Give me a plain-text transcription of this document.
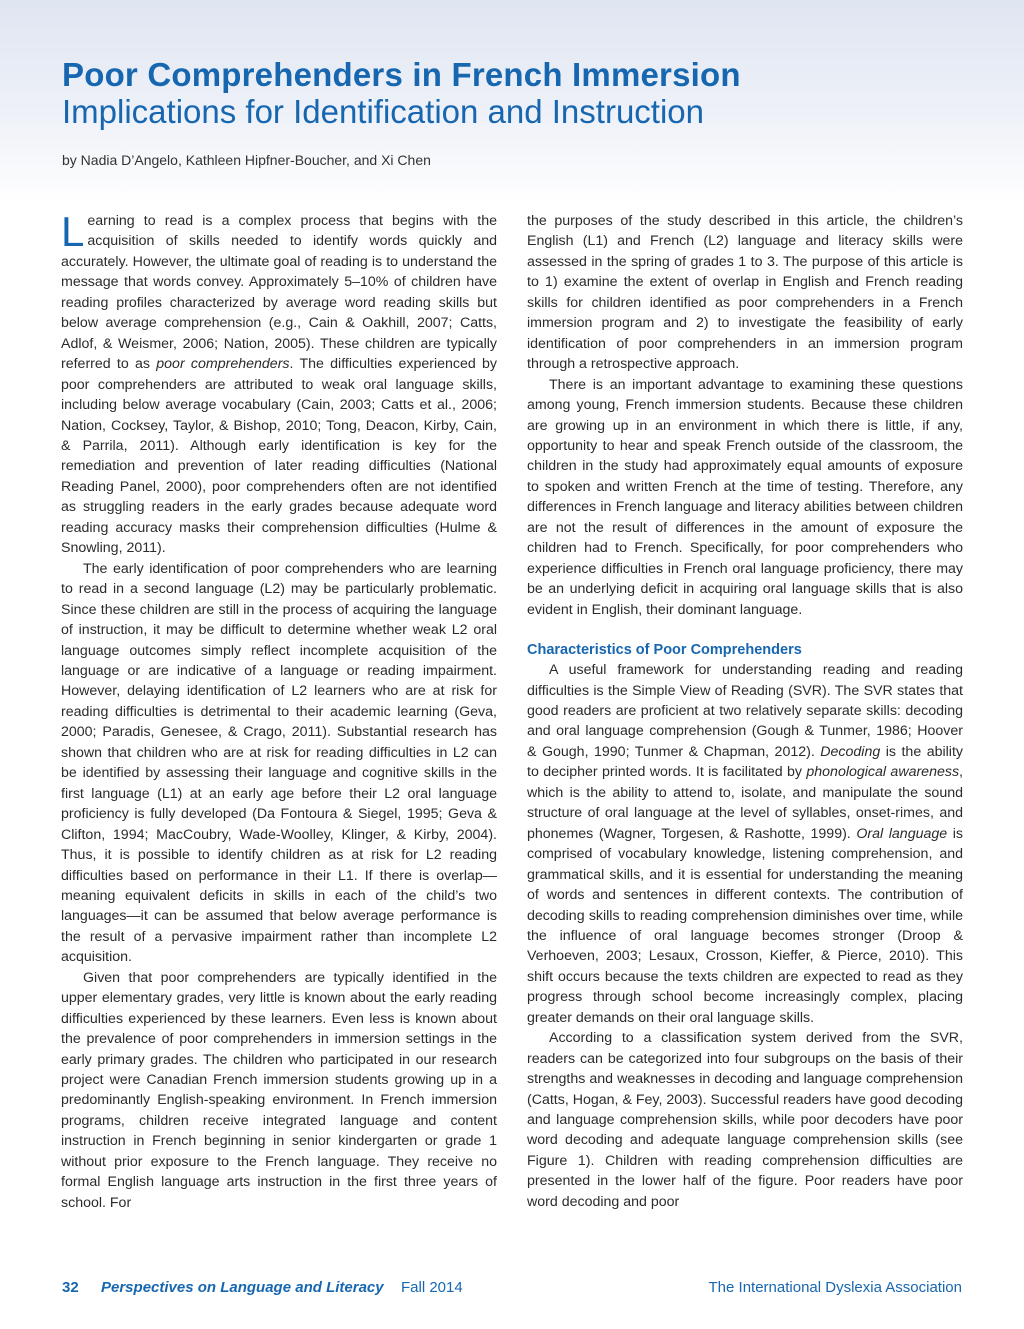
Poor Comprehenders in French Immersion
Implications for Identification and Instruction

by Nadia D’Angelo, Kathleen Hipfner-Boucher, and Xi Chen

Learning to read is a complex process that begins with the acquisition of skills needed to identify words quickly and accurately. However, the ultimate goal of reading is to understand the message that words convey. Approximately 5–10% of children have reading profiles characterized by average word reading skills but below average comprehension (e.g., Cain & Oakhill, 2007; Catts, Adlof, & Weismer, 2006; Nation, 2005). These children are typically referred to as poor comprehenders. The difficulties experienced by poor comprehenders are attributed to weak oral language skills, including below average vocabulary (Cain, 2003; Catts et al., 2006; Nation, Cocksey, Taylor, & Bishop, 2010; Tong, Deacon, Kirby, Cain, & Parrila, 2011). Although early identification is key for the remediation and prevention of later reading difficulties (National Reading Panel, 2000), poor comprehenders often are not identified as struggling readers in the early grades because adequate word reading accuracy masks their comprehension difficulties (Hulme & Snowling, 2011).

The early identification of poor comprehenders who are learning to read in a second language (L2) may be particularly problematic. Since these children are still in the process of acquiring the language of instruction, it may be difficult to determine whether weak L2 oral language outcomes simply reflect incomplete acquisition of the language or are indicative of a language or reading impairment. However, delaying identification of L2 learners who are at risk for reading difficulties is detrimental to their academic learning (Geva, 2000; Paradis, Genesee, & Crago, 2011). Substantial research has shown that children who are at risk for reading difficulties in L2 can be identified by assessing their language and cognitive skills in the first language (L1) at an early age before their L2 oral language proficiency is fully developed (Da Fontoura & Siegel, 1995; Geva & Clifton, 1994; MacCoubry, Wade-Woolley, Klinger, & Kirby, 2004). Thus, it is possible to identify children as at risk for L2 reading difficulties based on performance in their L1. If there is overlap—meaning equivalent deficits in skills in each of the child’s two languages—it can be assumed that below average performance is the result of a pervasive impairment rather than incomplete L2 acquisition.

Given that poor comprehenders are typically identified in the upper elementary grades, very little is known about the early reading difficulties experienced by these learners. Even less is known about the prevalence of poor comprehenders in immersion settings in the early primary grades. The children who participated in our research project were Canadian French immersion students growing up in a predominantly English-speaking environment. In French immersion programs, children receive integrated language and content instruction in French beginning in senior kindergarten or grade 1 without prior exposure to the French language. They receive no formal English language arts instruction in the first three years of school. For

the purposes of the study described in this article, the children’s English (L1) and French (L2) language and literacy skills were assessed in the spring of grades 1 to 3. The purpose of this article is to 1) examine the extent of overlap in English and French reading skills for children identified as poor comprehenders in a French immersion program and 2) to investigate the feasibility of early identification of poor comprehenders in an immersion program through a retrospective approach.

There is an important advantage to examining these questions among young, French immersion students. Because these children are growing up in an environment in which there is little, if any, opportunity to hear and speak French outside of the classroom, the children in the study had approximately equal amounts of exposure to spoken and written French at the time of testing. Therefore, any differences in French language and literacy abilities between children are not the result of differences in the amount of exposure the children had to French. Specifically, for poor comprehenders who experience difficulties in French oral language proficiency, there may be an underlying deficit in acquiring oral language skills that is also evident in English, their dominant language.

Characteristics of Poor Comprehenders

A useful framework for understanding reading and reading difficulties is the Simple View of Reading (SVR). The SVR states that good readers are proficient at two relatively separate skills: decoding and oral language comprehension (Gough & Tunmer, 1986; Hoover & Gough, 1990; Tunmer & Chapman, 2012). Decoding is the ability to decipher printed words. It is facilitated by phonological awareness, which is the ability to attend to, isolate, and manipulate the sound structure of oral language at the level of syllables, onset-rimes, and phonemes (Wagner, Torgesen, & Rashotte, 1999). Oral language is comprised of vocabulary knowledge, listening comprehension, and grammatical skills, and it is essential for understanding the meaning of words and sentences in different contexts. The contribution of decoding skills to reading comprehension diminishes over time, while the influence of oral language becomes stronger (Droop & Verhoeven, 2003; Lesaux, Crosson, Kieffer, & Pierce, 2010). This shift occurs because the texts children are expected to read as they progress through school become increasingly complex, placing greater demands on their oral language skills.

According to a classification system derived from the SVR, readers can be categorized into four subgroups on the basis of their strengths and weaknesses in decoding and language comprehension (Catts, Hogan, & Fey, 2003). Successful readers have good decoding and language comprehension skills, while poor decoders have poor word decoding and adequate language comprehension skills (see Figure 1). Children with reading comprehension difficulties are presented in the lower half of the figure. Poor readers have poor word decoding and poor

32 Perspectives on Language and Literacy Fall 2014	The International Dyslexia Association
